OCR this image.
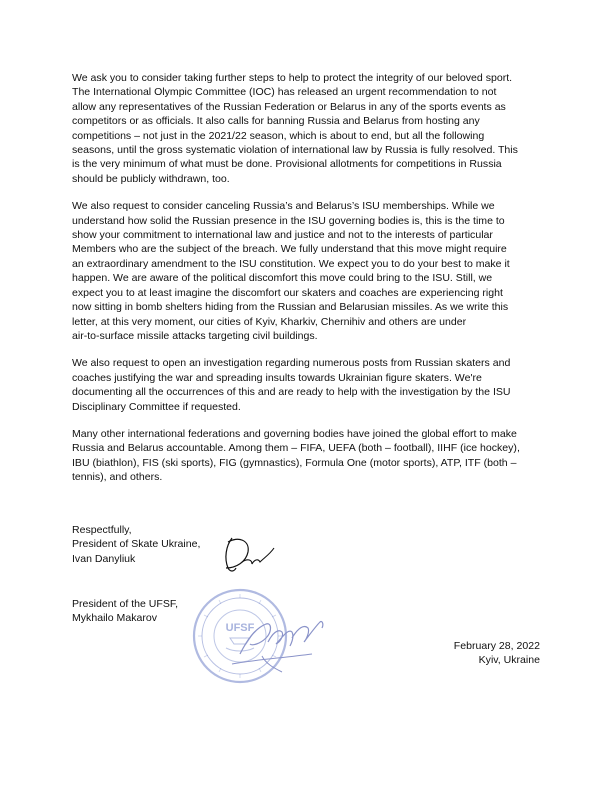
We ask you to consider taking further steps to help to protect the integrity of our beloved sport.
The International Olympic Committee (IOC) has released an urgent recommendation to not
allow any representatives of the Russian Federation or Belarus in any of the sports events as
competitors or as officials. It also calls for banning Russia and Belarus from hosting any
competitions – not just in the 2021/22 season, which is about to end, but all the following
seasons, until the gross systematic violation of international law by Russia is fully resolved. This
is the very minimum of what must be done. Provisional allotments for competitions in Russia
should be publicly withdrawn, too.

We also request to consider canceling Russia’s and Belarus’s ISU memberships. While we
understand how solid the Russian presence in the ISU governing bodies is, this is the time to
show your commitment to international law and justice and not to the interests of particular
Members who are the subject of the breach. We fully understand that this move might require
an extraordinary amendment to the ISU constitution. We expect you to do your best to make it
happen. We are aware of the political discomfort this move could bring to the ISU. Still, we
expect you to at least imagine the discomfort our skaters and coaches are experiencing right
now sitting in bomb shelters hiding from the Russian and Belarusian missiles. As we write this
letter, at this very moment, our cities of Kyiv, Kharkiv, Chernihiv and others are under
air-to-surface missile attacks targeting civil buildings.

We also request to open an investigation regarding numerous posts from Russian skaters and
coaches justifying the war and spreading insults towards Ukrainian figure skaters. We're
documenting all the occurrences of this and are ready to help with the investigation by the ISU
Disciplinary Committee if requested.

Many other international federations and governing bodies have joined the global effort to make
Russia and Belarus accountable. Among them – FIFA, UEFA (both – football), IIHF (ice hockey),
IBU (biathlon), FIS (ski sports), FIG (gymnastics), Formula One (motor sports), ATP, ITF (both –
tennis), and others.

Respectfully,
President of Skate Ukraine,
Ivan Danyliuk
President of the UFSF,
Mykhailo Makarov
UFSF
February 28, 2022
Kyiv, Ukraine
